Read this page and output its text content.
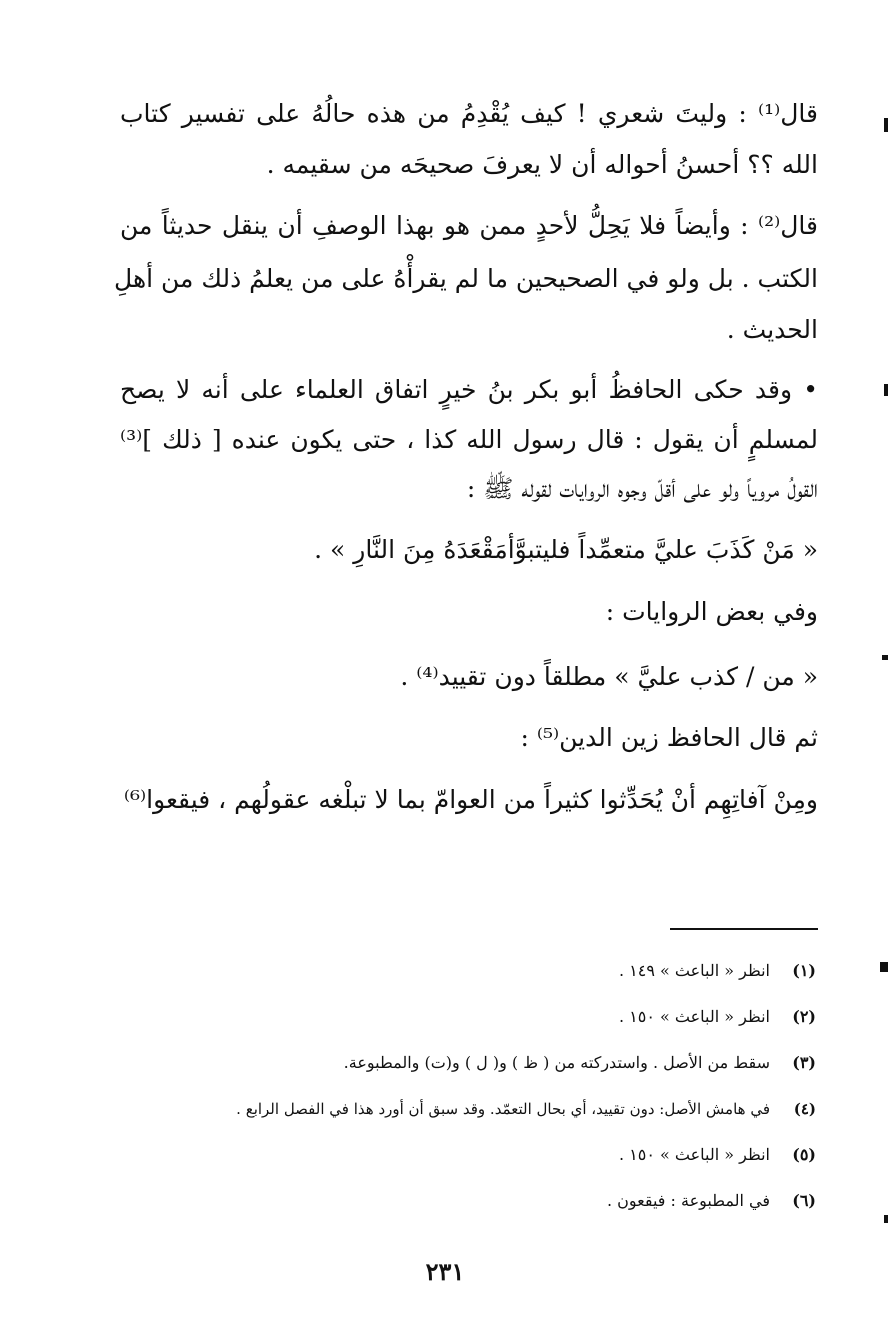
قال⁽¹⁾ : وليتَ شعري ! كيف يُقْدِمُ من هذه حالُهُ على تفسير كتاب
الله ؟؟ أحسنُ أحواله أن لا يعرفَ صحيحَه من سقيمه .
قال⁽²⁾ : وأيضاً فلا يَحِلُّ لأحدٍ ممن هو بهذا الوصفِ أن ينقل حديثاً من
الكتب . بل ولو في الصحيحين ما لم يقرأْهُ على من يعلمُ ذلك من أهلِ
الحديث .
• وقد حكى الحافظُ أبو بكر بنُ خيرٍ اتفاق العلماء على أنه لا يصح
لمسلمٍ أن يقول : قال رسول الله كذا ، حتى يكون عنده [ ذلك ]⁽³⁾
القولُ مروياً ولو على أقلّ وجوه الروايات لقوله ﷺ :
« مَنْ كَذَبَ عليَّ متعمِّداً فليتبوَّأمَقْعَدَهُ مِنَ النَّارِ » .
وفي بعض الروايات :
« من / كذب عليَّ » مطلقاً دون تقييد⁽⁴⁾ .
ثم قال الحافظ زين الدين⁽⁵⁾ :
ومِنْ آفاتِهِم أنْ يُحَدِّثوا كثيراً من العوامّ بما لا تبلْغه عقولُهم ، فيقعوا⁽⁶⁾
(١)انظر « الباعث » ١٤٩ .
(٢)انظر « الباعث » ١٥٠ .
(٣)سقط من الأصل . واستدركته من ( ظ ) و( ل ) و(ت) والمطبوعة.
(٤)في هامش الأصل: دون تقييد، أي بحال التعمّد. وقد سبق أن أورد هذا في الفصل الرابع .
(٥)انظر « الباعث » ١٥٠ .
(٦)في المطبوعة : فيقعون .
٢٣١
